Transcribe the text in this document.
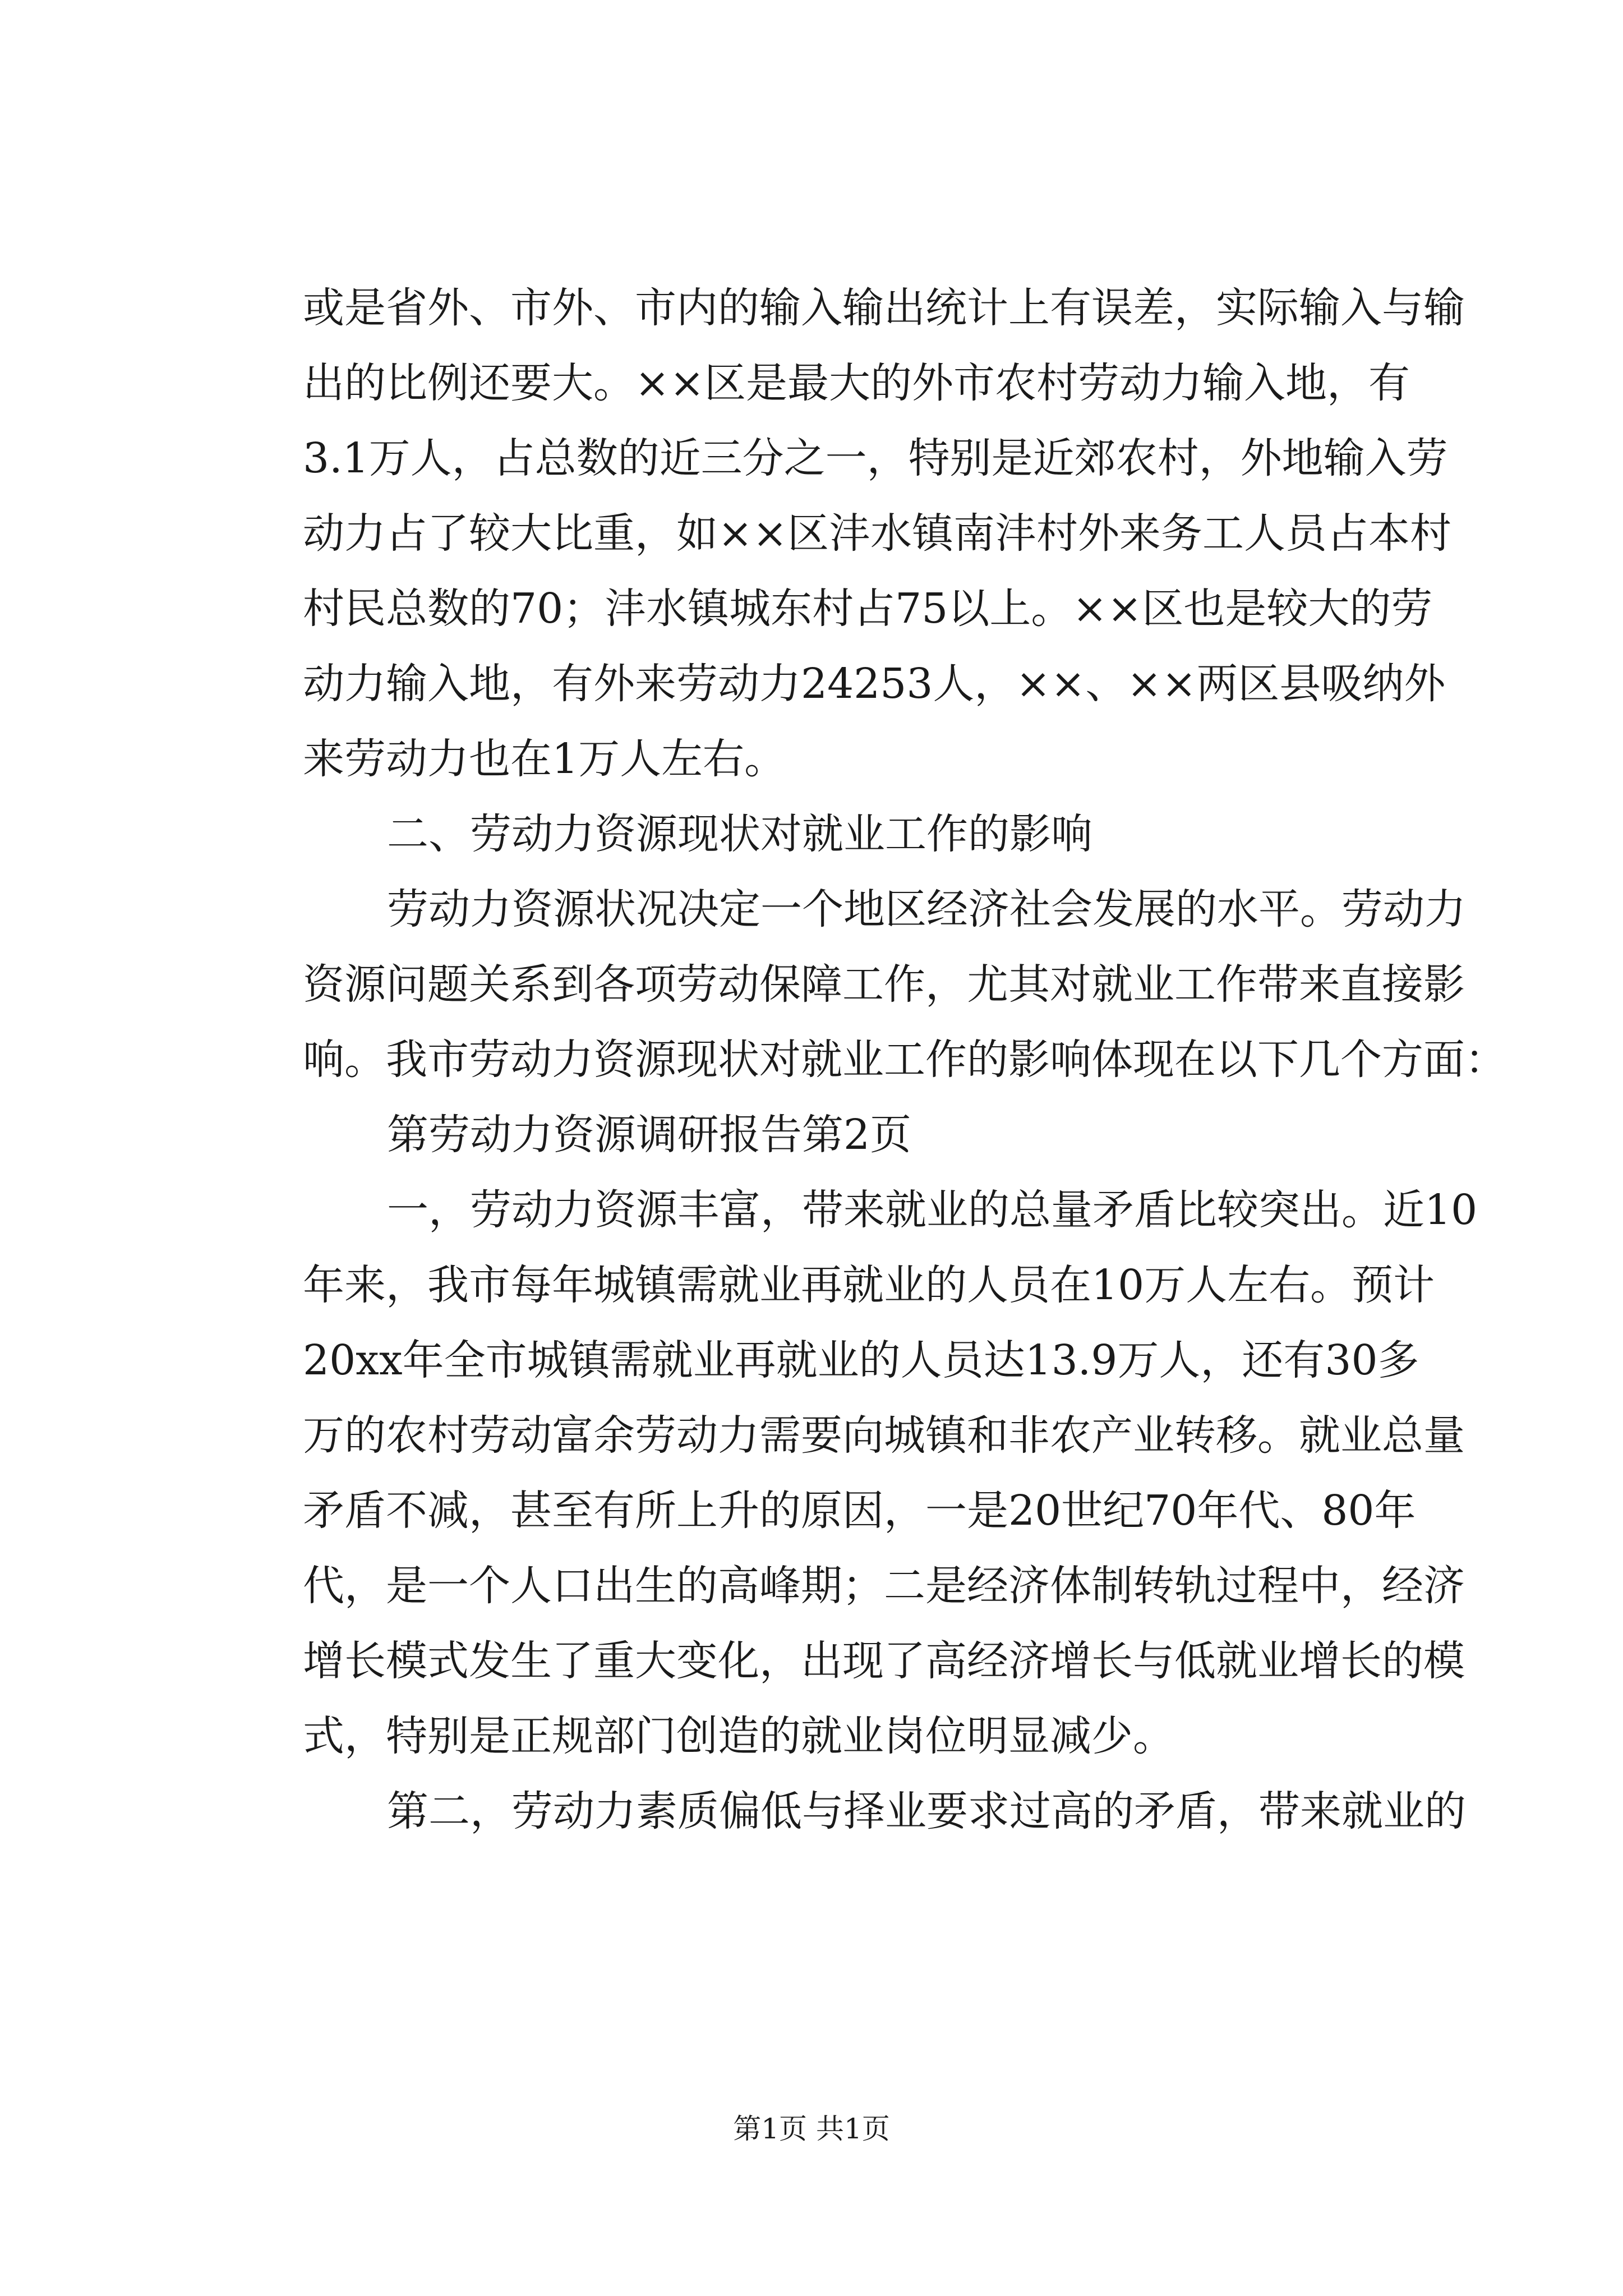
或是省外、市外、市内的输入输出统计上有误差，实际输入与输
出的比例还要大。××区是最大的外市农村劳动力输入地，有
3.1万人，占总数的近三分之一，特别是近郊农村，外地输入劳
动力占了较大比重，如××区沣水镇南沣村外来务工人员占本村
村民总数的70；沣水镇城东村占75以上。××区也是较大的劳
动力输入地，有外来劳动力24253人，××、××两区县吸纳外
来劳动力也在1万人左右。
二、劳动力资源现状对就业工作的影响
劳动力资源状况决定一个地区经济社会发展的水平。劳动力
资源问题关系到各项劳动保障工作，尤其对就业工作带来直接影
响。我市劳动力资源现状对就业工作的影响体现在以下几个方面：
第劳动力资源调研报告第2页
一，劳动力资源丰富，带来就业的总量矛盾比较突出。近10
年来，我市每年城镇需就业再就业的人员在10万人左右。预计
20xx年全市城镇需就业再就业的人员达13.9万人，还有30多
万的农村劳动富余劳动力需要向城镇和非农产业转移。就业总量
矛盾不减，甚至有所上升的原因，一是20世纪70年代、80年
代，是一个人口出生的高峰期；二是经济体制转轨过程中，经济
增长模式发生了重大变化，出现了高经济增长与低就业增长的模
式，特别是正规部门创造的就业岗位明显减少。
第二，劳动力素质偏低与择业要求过高的矛盾，带来就业的
第1页 共1页
